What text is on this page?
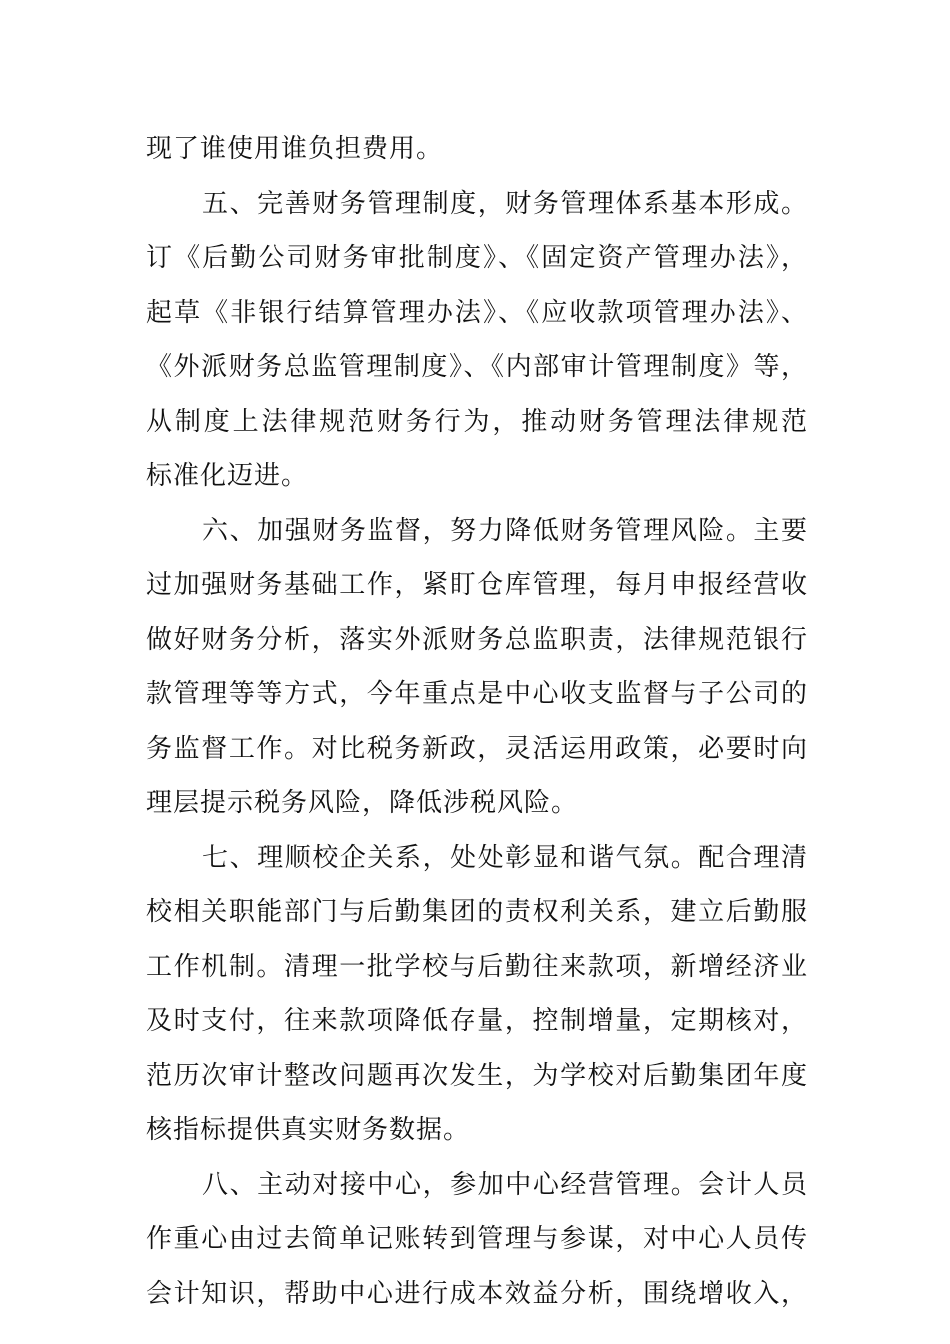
现了谁使用谁负担费用。
五、完善财务管理制度，财务管理体系基本形成。
订《后勤公司财务审批制度》、《固定资产管理办法》，
起草《非银行结算管理办法》、《应收款项管理办法》、
《外派财务总监管理制度》、《内部审计管理制度》等，
从制度上法律规范财务行为，推动财务管理法律规范
标准化迈进。
六、加强财务监督，努力降低财务管理风险。主要
过加强财务基础工作，紧盯仓库管理，每月申报经营收
做好财务分析，落实外派财务总监职责，法律规范银行
款管理等等方式，今年重点是中心收支监督与子公司的
务监督工作。对比税务新政，灵活运用政策，必要时向
理层提示税务风险，降低涉税风险。
七、理顺校企关系，处处彰显和谐气氛。配合理清
校相关职能部门与后勤集团的责权利关系，建立后勤服
工作机制。清理一批学校与后勤往来款项，新增经济业
及时支付，往来款项降低存量，控制增量，定期核对，
范历次审计整改问题再次发生，为学校对后勤集团年度
核指标提供真实财务数据。
八、主动对接中心，参加中心经营管理。会计人员
作重心由过去简单记账转到管理与参谋，对中心人员传
会计知识，帮助中心进行成本效益分析，围绕增收入，
